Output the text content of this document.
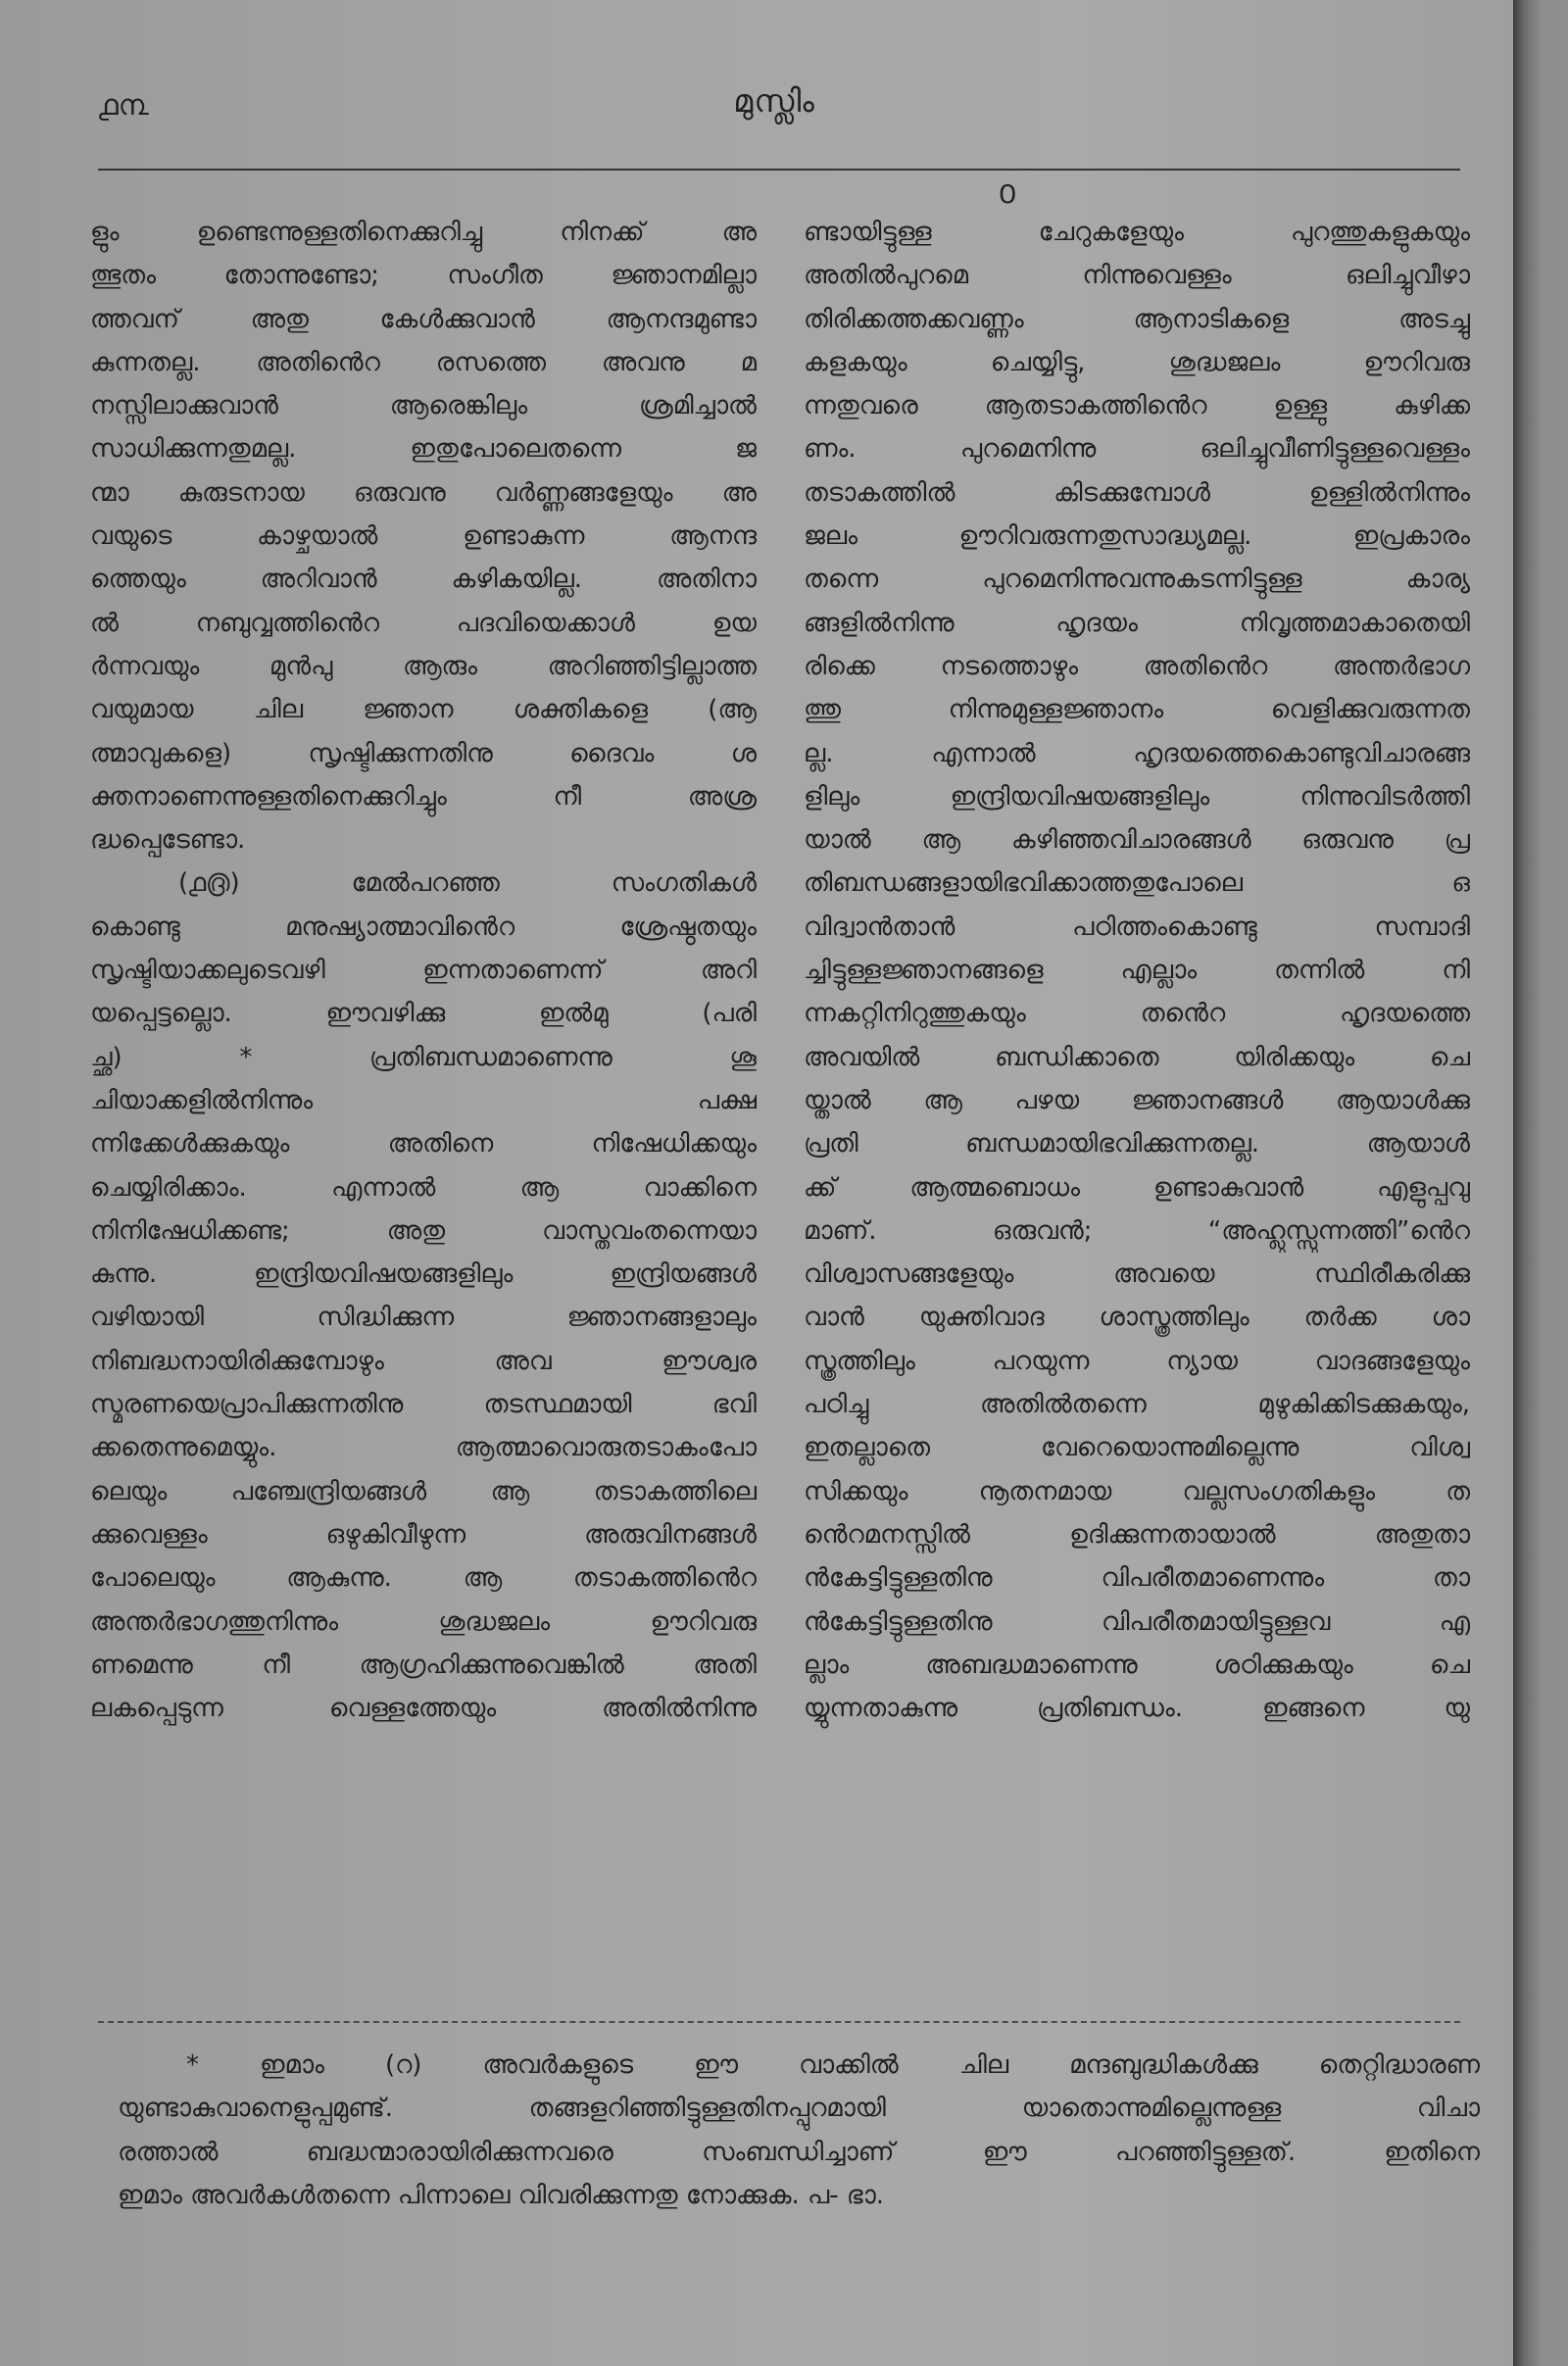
൧൩	മുസ്ലിം
൦
ളും ഉണ്ടെന്നുള്ളതിനെക്കുറിച്ചു നിനക്ക് അ
ത്ഭുതം തോന്നുണ്ടോ; സംഗീത ജ്ഞാനമില്ലാ
ത്തവന് അതു കേൾക്കുവാൻ ആനന്ദമുണ്ടാ
കുന്നതല്ല. അതിൻെറ രസത്തെ അവനു മ
നസ്സിലാക്കുവാൻ ആരെങ്കിലും ശ്രമിച്ചാൽ
സാധിക്കുന്നതുമല്ല. ഇതുപോലെതന്നെ ജ
ന്മാ കുരുടനായ ഒരുവനു വർണ്ണങ്ങളേയും അ
വയുടെ കാഴ്ചയാൽ ഉണ്ടാകുന്ന ആനന്ദ
ത്തെയും അറിവാൻ കഴികയില്ല. അതിനാ
ൽ നബുവ്വത്തിൻെറ പദവിയെക്കാൾ ഉയ
ർന്നവയും മുൻപു ആരും അറിഞ്ഞിട്ടില്ലാത്ത
വയുമായ ചില ജ്ഞാന ശക്തികളെ (ആ
ത്മാവുകളെ) സൃഷ്ടിക്കുന്നതിനു ദൈവം ശ
ക്തനാണെന്നുള്ളതിനെക്കുറിച്ചും നീ അശ്ര
ദ്ധപ്പെടേണ്ടാ.
(൧൫) മേൽപറഞ്ഞ സംഗതികൾ
കൊണ്ടു മനുഷ്യാത്മാവിൻെറ ശ്രേഷ്ഠതയും
സൃഷ്ടിയാക്കലുടെവഴി ഇന്നതാണെന്ന് അറി
യപ്പെട്ടല്ലൊ. ഈവഴിക്കു ഇൽമു (പരി
ച്ഛ) * പ്രതിബന്ധമാണെന്നു ശൂ
ചിയാക്കളിൽനിന്നും പക്ഷ
ന്നിക്കേൾക്കുകയും അതിനെ നിഷേധിക്കയും
ചെയ്യിരിക്കാം. എന്നാൽ ആ വാക്കിനെ
നിനിഷേധിക്കണ്ട; അതു വാസ്തവംതന്നെയാ
കുന്നു. ഇന്ദ്രിയവിഷയങ്ങളിലും ഇന്ദ്രിയങ്ങൾ
വഴിയായി സിദ്ധിക്കുന്ന ജ്ഞാനങ്ങളാലും
നിബദ്ധനായിരിക്കുമ്പോഴും അവ ഈശ്വര
സ്മരണയെപ്രാപിക്കുന്നതിനു തടസ്ഥമായി ഭവി
ക്കതെന്നുമെയ്യും. ആത്മാവൊരുതടാകംപോ
ലെയും പഞ്ചേന്ദ്രിയങ്ങൾ ആ തടാകത്തിലെ
ക്കുവെള്ളം ഒഴുകിവീഴുന്ന അരുവിനങ്ങൾ
പോലെയും ആകുന്നു. ആ തടാകത്തിൻെറ
അന്തർഭാഗത്തുനിന്നും ശുദ്ധജലം ഊറിവരു
ണമെന്നു നീ ആഗ്രഹിക്കുന്നുവെങ്കിൽ അതി
ലകപ്പെടുന്ന വെള്ളത്തേയും അതിൽനിന്നു
ണ്ടായിട്ടുള്ള ചേറുകളേയും പുറത്തുകളുകയും
അതിൽപുറമെ നിന്നുവെള്ളം ഒലിച്ചുവീഴാ
തിരിക്കത്തക്കവണ്ണം ആനാടികളെ അടച്ചു
കളകയും ചെയ്യിട്ടു, ശുദ്ധജലം ഊറിവരു
ന്നതുവരെ ആതടാകത്തിൻെറ ഉള്ളു കുഴിക്ക
ണം. പുറമെനിന്നു ഒലിച്ചുവീണിട്ടുള്ളവെള്ളം
തടാകത്തിൽ കിടക്കുമ്പോൾ ഉള്ളിൽനിന്നും
ജലം ഊറിവരുന്നതുസാദ്ധ്യമല്ല. ഇപ്രകാരം
തന്നെ പുറമെനിന്നുവന്നുകടന്നിട്ടുള്ള കാര്യ
ങ്ങളിൽനിന്നു ഹൃദയം നിവൃത്തമാകാതെയി
രിക്കെ നടത്തൊഴും അതിൻെറ അന്തർഭാഗ
ത്തു നിന്നുമുള്ളജ്ഞാനം വെളിക്കുവരുന്നത
ല്ല. എന്നാൽ ഹൃദയത്തെകൊണ്ടുവിചാരങ്ങ
ളിലും ഇന്ദ്രിയവിഷയങ്ങളിലും നിന്നുവിടർത്തി
യാൽ ആ കഴിഞ്ഞവിചാരങ്ങൾ ഒരുവനു പ്ര
തിബന്ധങ്ങളായിഭവിക്കാത്തതുപോലെ ഒ
വിദ്വാൻതാൻ പഠിത്തംകൊണ്ടു സമ്പാദി
ച്ചിട്ടുള്ളജ്ഞാനങ്ങളെ എല്ലാം തന്നിൽ നി
ന്നകറ്റിനിറുത്തുകയും തൻെറ ഹൃദയത്തെ
അവയിൽ ബന്ധിക്കാതെ യിരിക്കയും ചെ
യ്താൽ ആ പഴയ ജ്ഞാനങ്ങൾ ആയാൾക്കു
പ്രതി ബന്ധമായിഭവിക്കുന്നതല്ല. ആയാൾ
ക്ക് ആത്മബൊധം ഉണ്ടാകുവാൻ എളുപ്പവു
മാണ്. ഒരുവൻ; “അഹ്ലുസ്സുന്നത്തി”ൻെറ
വിശ്വാസങ്ങളേയും അവയെ സ്ഥിരീകരിക്കു
വാൻ യുക്തിവാദ ശാസ്ത്രത്തിലും തർക്ക ശാ
സ്ത്രത്തിലും പറയുന്ന ന്യായ വാദങ്ങളേയും
പഠിച്ചു അതിൽതന്നെ മുഴുകിക്കിടക്കുകയും,
ഇതല്ലാതെ വേറെയൊന്നുമില്ലെന്നു വിശ്വ
സിക്കയും നൂതനമായ വല്ലസംഗതികളും ത
ൻെറമനസ്സിൽ ഉദിക്കുന്നതായാൽ അതുതാ
ൻകേട്ടിട്ടുള്ളതിനു വിപരീതമാണെന്നും താ
ൻകേട്ടിട്ടുള്ളതിനു വിപരീതമായിട്ടുള്ളവ എ
ല്ലാം അബദ്ധമാണെന്നു ശഠിക്കുകയും ചെ
യ്യുന്നതാകുന്നു പ്രതിബന്ധം. ഇങ്ങനെ യു
* ഇമാം (റ) അവർകളുടെ ഈ വാക്കിൽ ചില മന്ദബുദ്ധികൾക്കു തെറ്റിദ്ധാരണ
യുണ്ടാകുവാനെളുപ്പമുണ്ട്. തങ്ങളറിഞ്ഞിട്ടുള്ളതിനപ്പുറമായി യാതൊന്നുമില്ലെന്നുള്ള വിചാ
രത്താൽ ബദ്ധന്മാരായിരിക്കുന്നവരെ സംബന്ധിച്ചാണ് ഈ പറഞ്ഞിട്ടുള്ളത്. ഇതിനെ
ഇമാം അവർകൾതന്നെ പിന്നാലെ വിവരിക്കുന്നതു നോക്കുക. പ- ഭാ.
